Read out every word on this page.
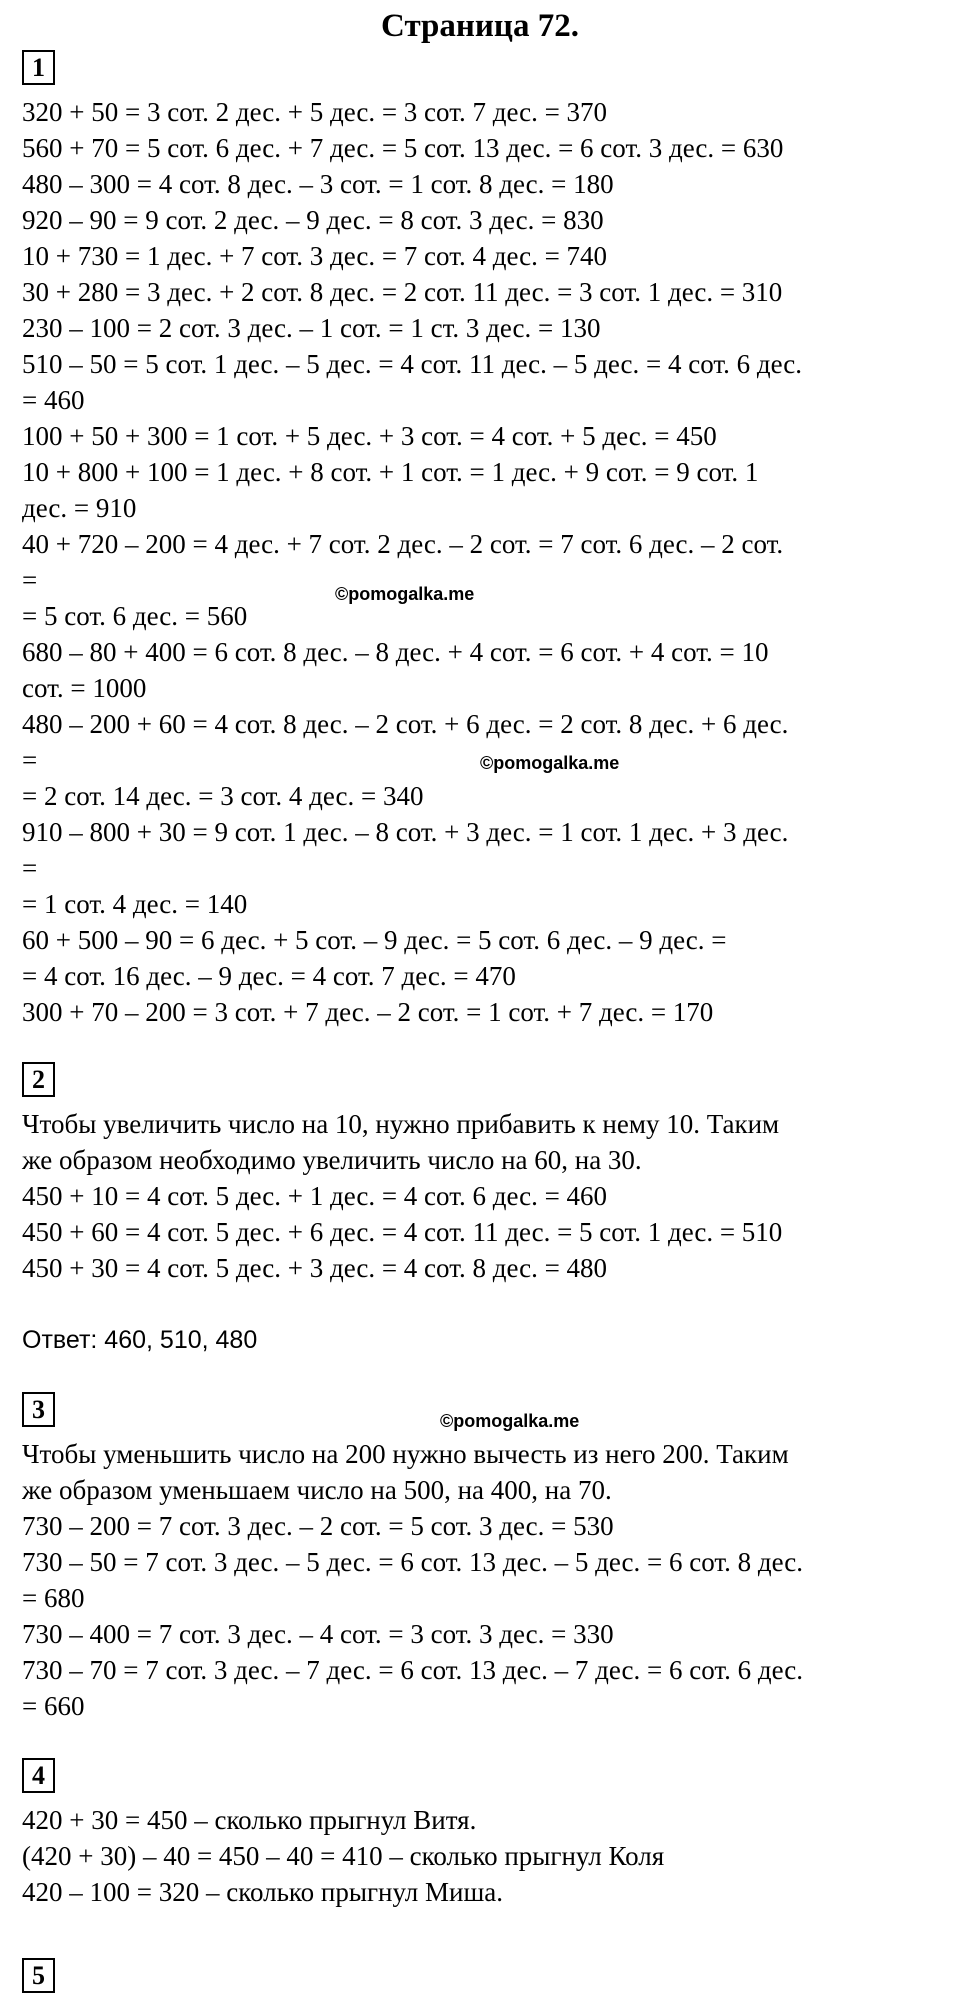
Страница 72.
1
320 + 50 = 3 сот. 2 дес. + 5 дес. = 3 сот. 7 дес. = 370
560 + 70 = 5 сот. 6 дес. + 7 дес. = 5 сот. 13 дес. = 6 сот. 3 дес. = 630
480 – 300 = 4 сот. 8 дес. – 3 сот. = 1 сот. 8 дес. = 180
920 – 90 = 9 сот. 2 дес. – 9 дес. = 8 сот. 3 дес. = 830
10 + 730 = 1 дес. + 7 сот. 3 дес. = 7 сот. 4 дес. = 740
30 + 280 = 3 дес. + 2 сот. 8 дес. = 2 сот. 11 дес. = 3 сот. 1 дес. = 310
230 – 100 = 2 сот. 3 дес. – 1 сот. = 1 ст. 3 дес. = 130
510 – 50 = 5 сот. 1 дес. – 5 дес. = 4 сот. 11 дес. – 5 дес. = 4 сот. 6 дес.
= 460
100 + 50 + 300 = 1 сот. + 5 дес. + 3 сот. = 4 сот. + 5 дес. = 450
10 + 800 + 100 = 1 дес. + 8 сот. + 1 сот. = 1 дес. + 9 сот. = 9 сот. 1
дес. = 910
40 + 720 – 200 = 4 дес. + 7 сот. 2 дес. – 2 сот. = 7 сот. 6 дес. – 2 сот.
=
= 5 сот. 6 дес. = 560
680 – 80 + 400 = 6 сот. 8 дес. – 8 дес. + 4 сот. = 6 сот. + 4 сот. = 10
сот. = 1000
480 – 200 + 60 = 4 сот. 8 дес. – 2 сот. + 6 дес. = 2 сот. 8 дес. + 6 дес.
=
= 2 сот. 14 дес. = 3 сот. 4 дес. = 340
910 – 800 + 30 = 9 сот. 1 дес. – 8 сот. + 3 дес. = 1 сот. 1 дес. + 3 дес.
=
= 1 сот. 4 дес. = 140
60 + 500 – 90 = 6 дес. + 5 сот. – 9 дес. = 5 сот. 6 дес. – 9 дес. =
= 4 сот. 16 дес. – 9 дес. = 4 сот. 7 дес. = 470
300 + 70 – 200 = 3 сот. + 7 дес. – 2 сот. = 1 сот. + 7 дес. = 170
2
Чтобы увеличить число на 10, нужно прибавить к нему 10. Таким
же образом необходимо увеличить число на 60, на 30.
450 + 10 = 4 сот. 5 дес. + 1 дес. = 4 сот. 6 дес. = 460
450 + 60 = 4 сот. 5 дес. + 6 дес. = 4 сот. 11 дес. = 5 сот. 1 дес. = 510
450 + 30 = 4 сот. 5 дес. + 3 дес. = 4 сот. 8 дес. = 480
Ответ: 460, 510, 480
3
Чтобы уменьшить число на 200 нужно вычесть из него 200. Таким
же образом уменьшаем число на 500, на 400, на 70.
730 – 200 = 7 сот. 3 дес. – 2 сот. = 5 сот. 3 дес. = 530
730 – 50 = 7 сот. 3 дес. – 5 дес. = 6 сот. 13 дес. – 5 дес. = 6 сот. 8 дес.
= 680
730 – 400 = 7 сот. 3 дес. – 4 сот. = 3 сот. 3 дес. = 330
730 – 70 = 7 сот. 3 дес. – 7 дес. = 6 сот. 13 дес. – 7 дес. = 6 сот. 6 дес.
= 660
4
420 + 30 = 450 – сколько прыгнул Витя.
(420 + 30) – 40 = 450 – 40 = 410 – сколько прыгнул Коля
420 – 100 = 320 – сколько прыгнул Миша.
5
©pomogalka.me
©pomogalka.me
©pomogalka.me
